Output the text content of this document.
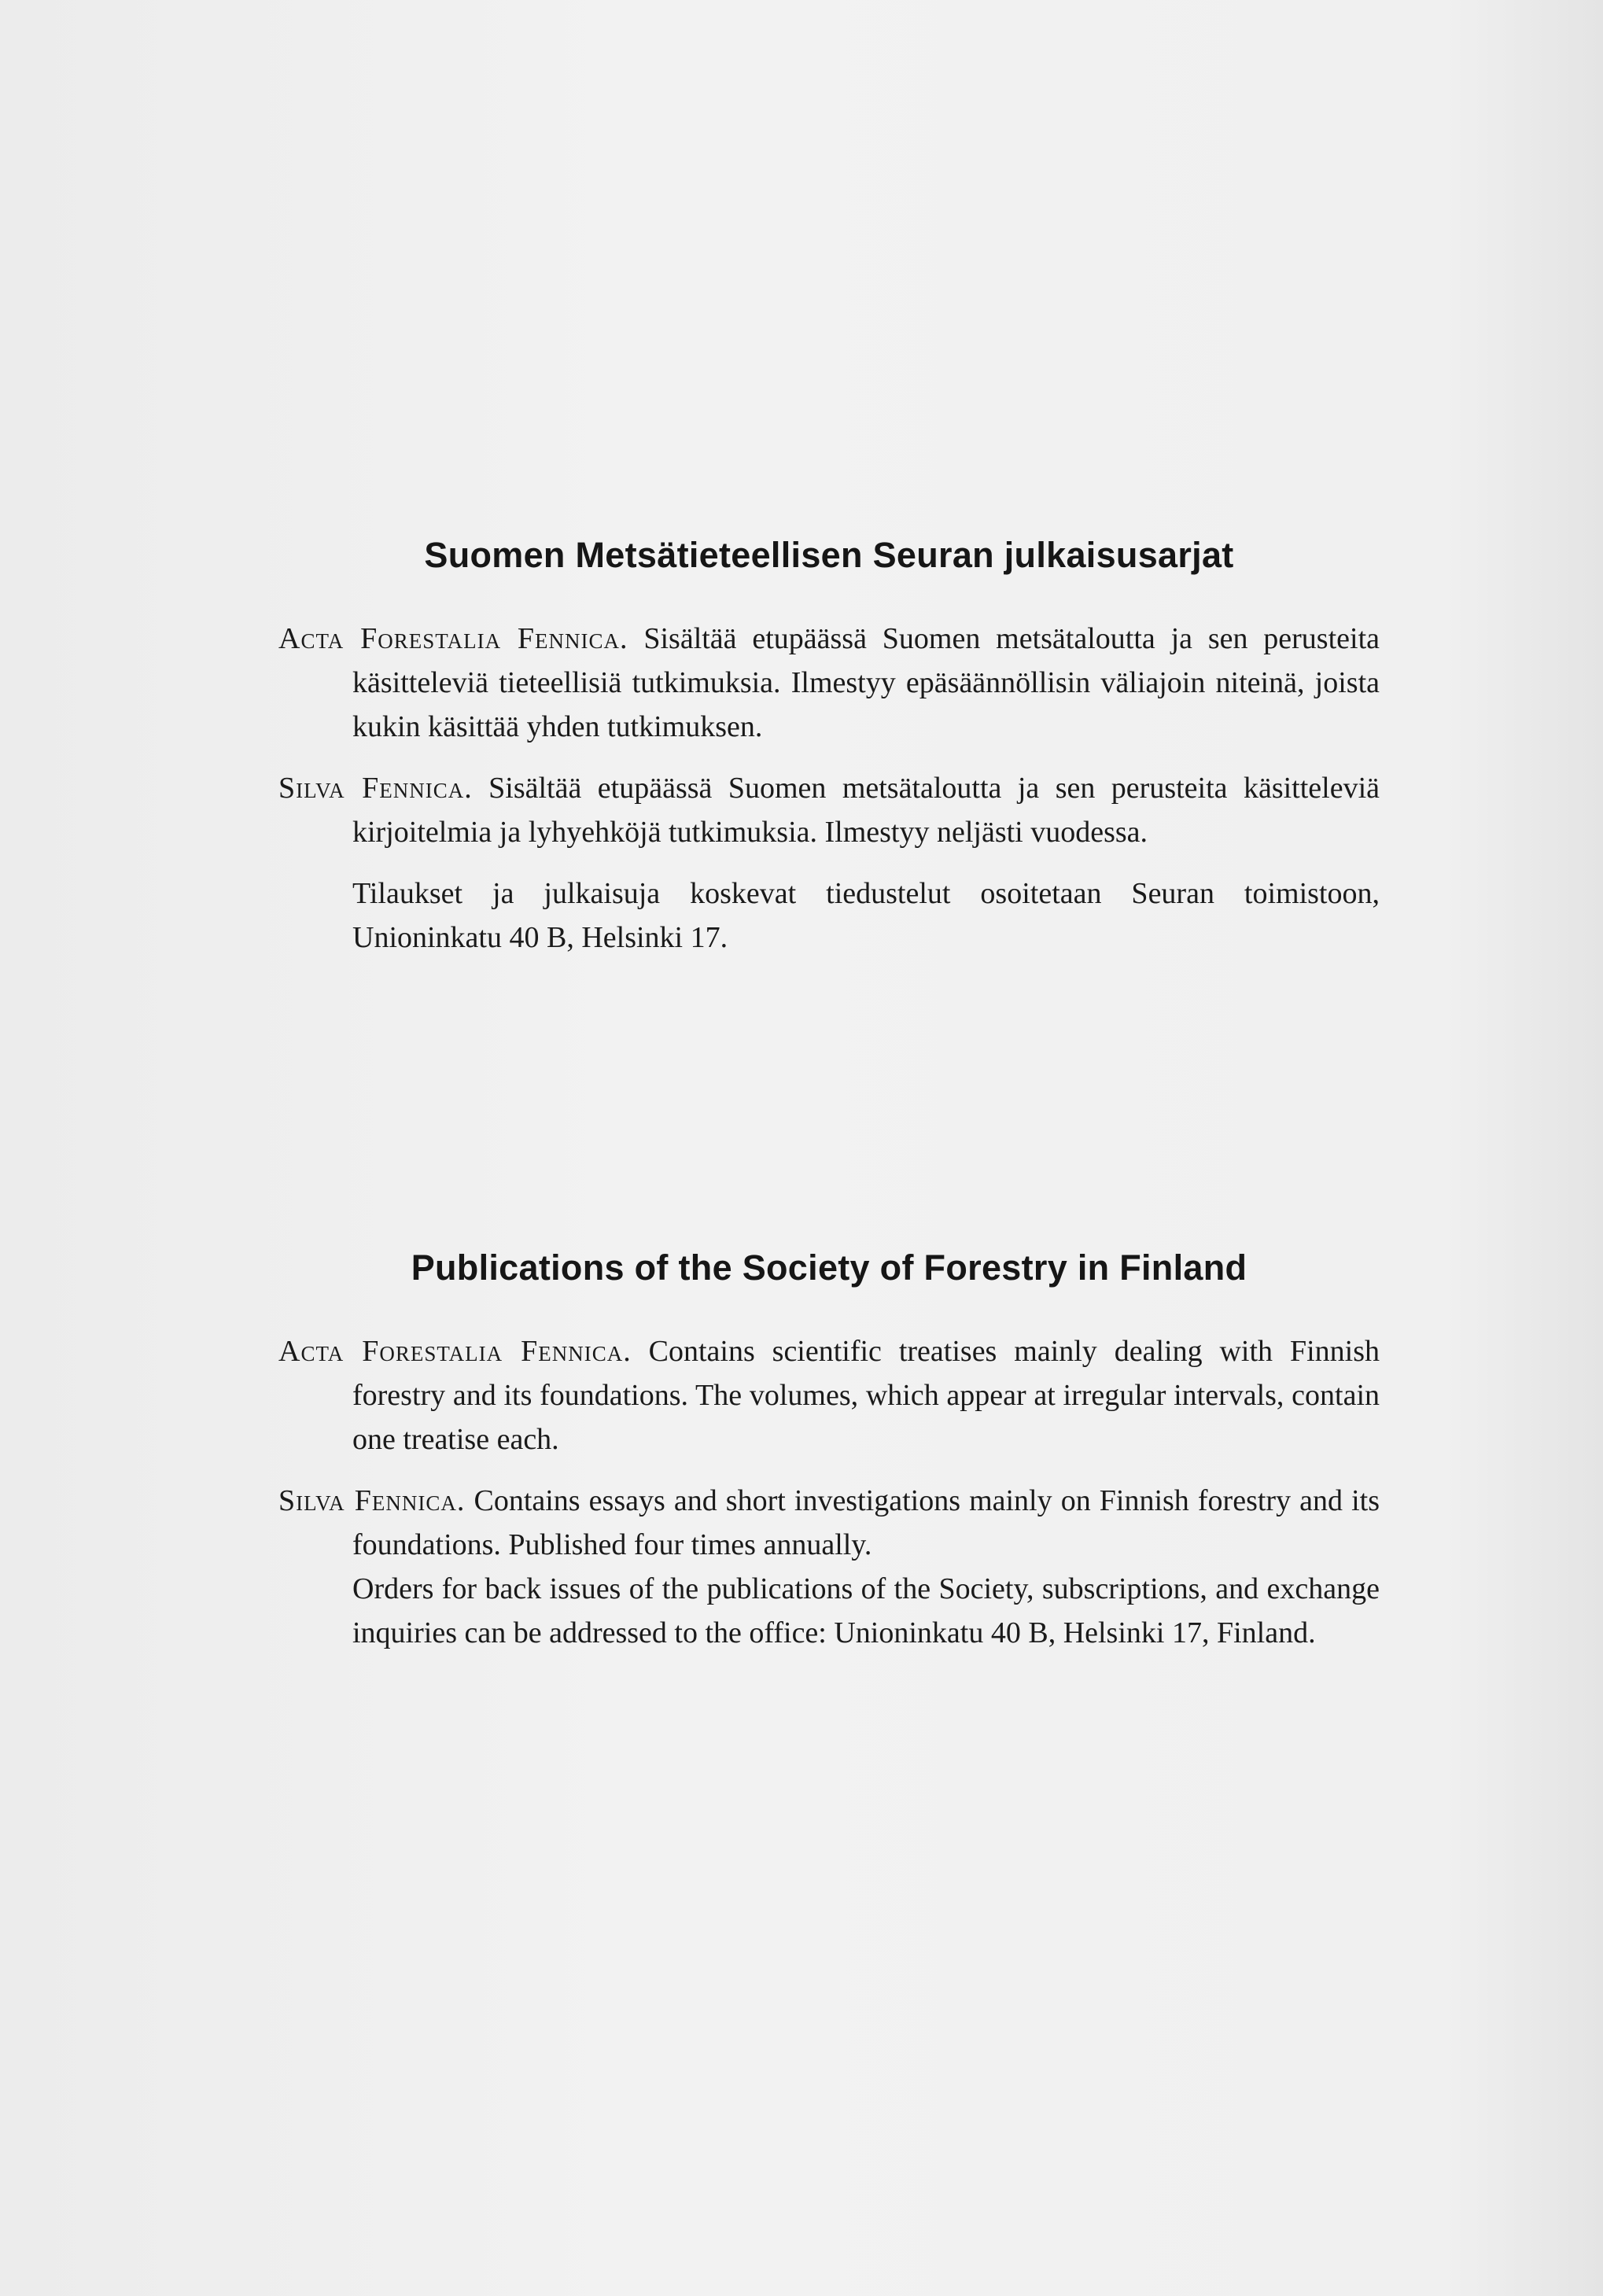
Suomen Metsätieteellisen Seuran julkaisusarjat

Acta Forestalia Fennica. Sisältää etupäässä Suomen metsätaloutta ja sen perusteita käsitteleviä tieteellisiä tutkimuksia. Ilmestyy epäsäännöllisin väliajoin niteinä, joista kukin käsittää yhden tutkimuksen.

Silva Fennica. Sisältää etupäässä Suomen metsätaloutta ja sen perusteita käsitteleviä kirjoitelmia ja lyhyehköjä tutkimuksia. Ilmestyy neljästi vuodessa.

Tilaukset ja julkaisuja koskevat tiedustelut osoitetaan Seuran toimistoon, Unioninkatu 40 B, Helsinki 17.

Publications of the Society of Forestry in Finland

Acta Forestalia Fennica. Contains scientific treatises mainly dealing with Finnish forestry and its foundations. The volumes, which appear at irregular intervals, contain one treatise each.

Silva Fennica. Contains essays and short investigations mainly on Finnish forestry and its foundations. Published four times annually.

Orders for back issues of the publications of the Society, subscriptions, and exchange inquiries can be addressed to the office: Unioninkatu 40 B, Helsinki 17, Finland.
